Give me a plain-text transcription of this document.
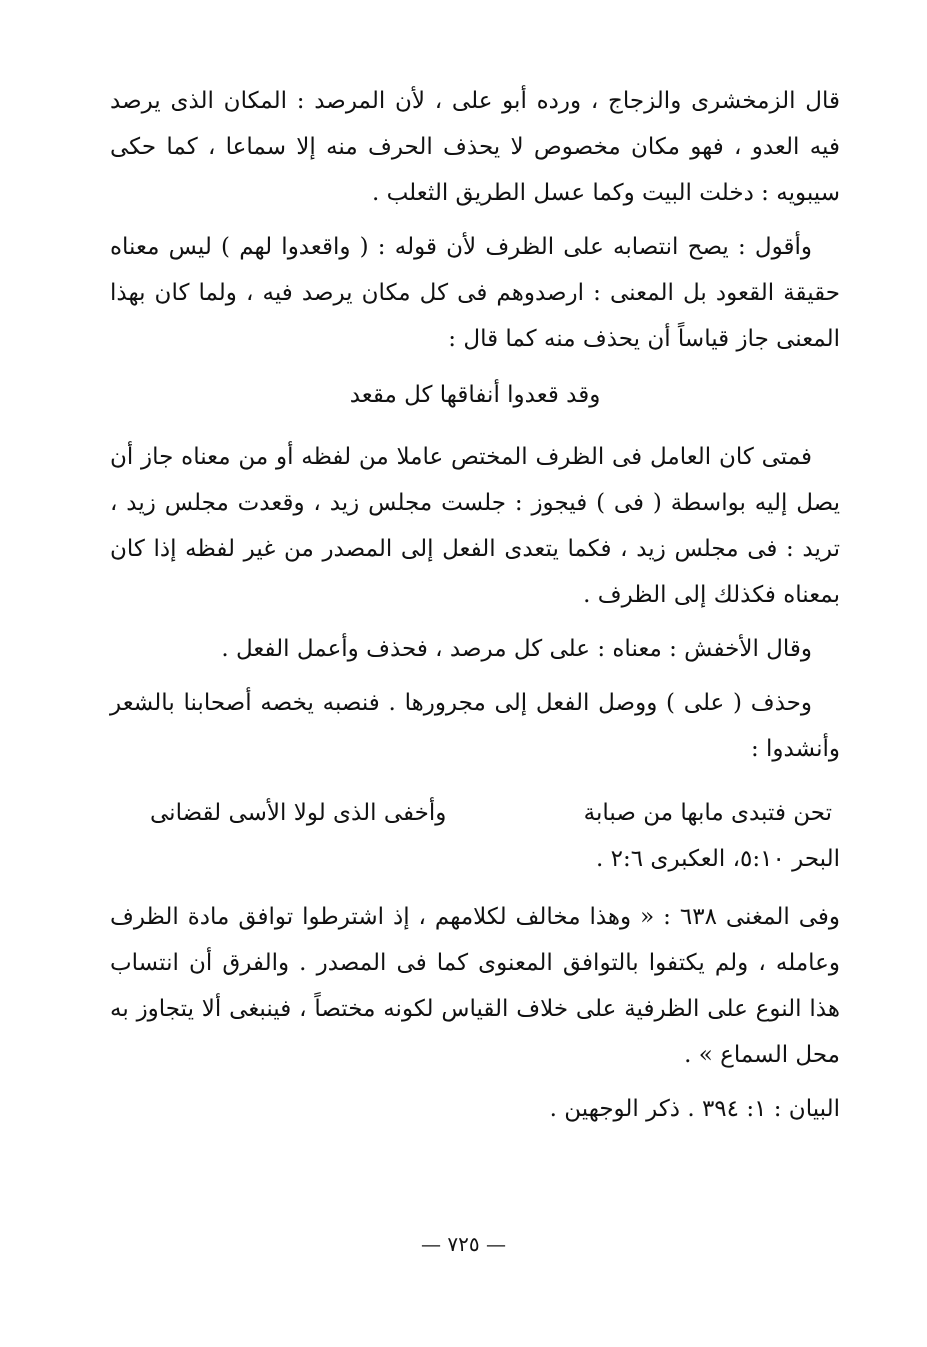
قال الزمخشرى والزجاج ، ورده أبو على ، لأن المرصد : المكان الذى يرصد فيه العدو ، فهو مكان مخصوص لا يحذف الحرف منه إلا سماعا ، كما حكى سيبويه : دخلت البيت وكما عسل الطريق الثعلب .

وأقول : يصح انتصابه على الظرف لأن قوله : ( واقعدوا لهم ) ليس معناه حقيقة القعود بل المعنى : ارصدوهم فى كل مكان يرصد فيه ، ولما كان بهذا المعنى جاز قياساً أن يحذف منه كما قال :

وقد قعدوا أنفاقها كل مقعد

فمتى كان العامل فى الظرف المختص عاملا من لفظه أو من معناه جاز أن يصل إليه بواسطة ( فى ) فيجوز : جلست مجلس زيد ، وقعدت مجلس زيد ، تريد : فى مجلس زيد ، فكما يتعدى الفعل إلى المصدر من غير لفظه إذا كان بمعناه فكذلك إلى الظرف .

وقال الأخفش : معناه : على كل مرصد ، فحذف وأعمل الفعل .

وحذف ( على ) ووصل الفعل إلى مجرورها . فنصبه يخصه أصحابنا بالشعر وأنشدوا :

تحن فتبدى مابها من صبابة
وأخفى الذى لولا الأسى لقضانى

البحر ٥:١٠، العكبرى ٢:٦ .

وفى المغنى ٦٣٨ : « وهذا مخالف لكلامهم ، إذ اشترطوا توافق مادة الظرف وعامله ، ولم يكتفوا بالتوافق المعنوى كما فى المصدر . والفرق أن انتساب هذا النوع على الظرفية على خلاف القياس لكونه مختصاً ، فينبغى ألا يتجاوز به محل السماع » .

البيان : ١: ٣٩٤ . ذكر الوجهين .

— ٧٢٥ —
